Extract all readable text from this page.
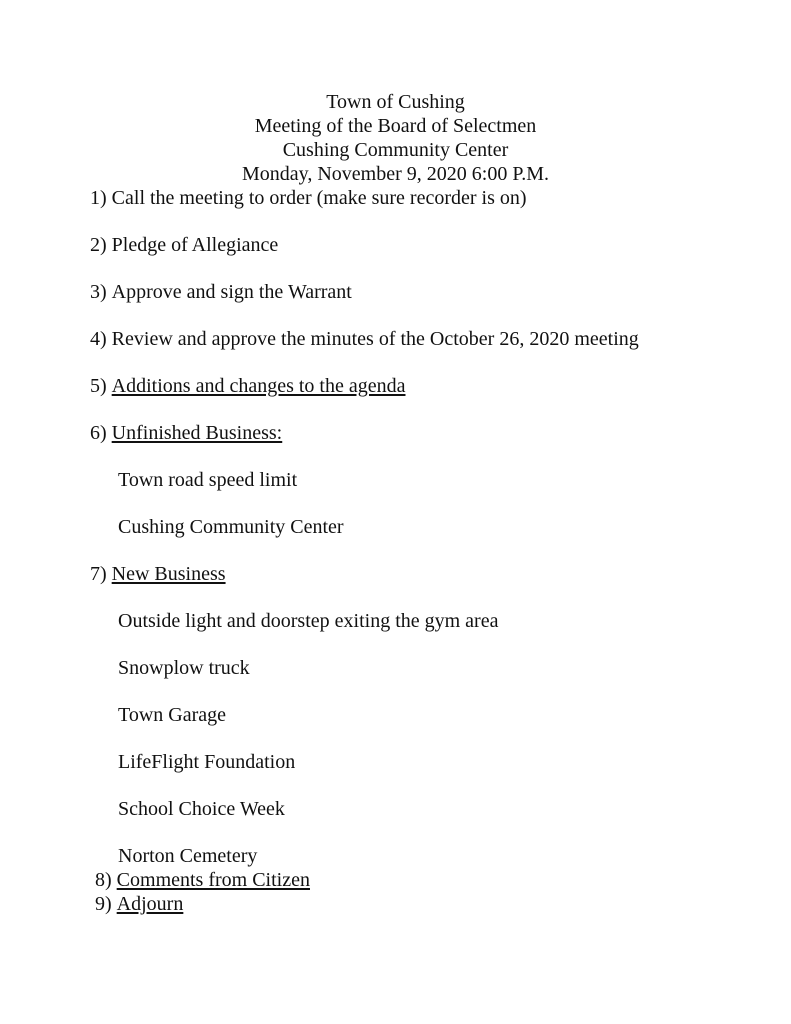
Town of Cushing
Meeting of the Board of Selectmen
Cushing Community Center
Monday, November 9, 2020 6:00 P.M.
1) Call the meeting to order (make sure recorder is on)
2) Pledge of Allegiance
3) Approve and sign the Warrant
4) Review and approve the minutes of the October 26, 2020 meeting
5) Additions and changes to the agenda
6) Unfinished Business:
Town road speed limit
Cushing Community Center
7) New Business
Outside light and doorstep exiting the gym area
Snowplow truck
Town Garage
LifeFlight Foundation
School Choice Week
Norton Cemetery
8) Comments from Citizen
9) Adjourn
